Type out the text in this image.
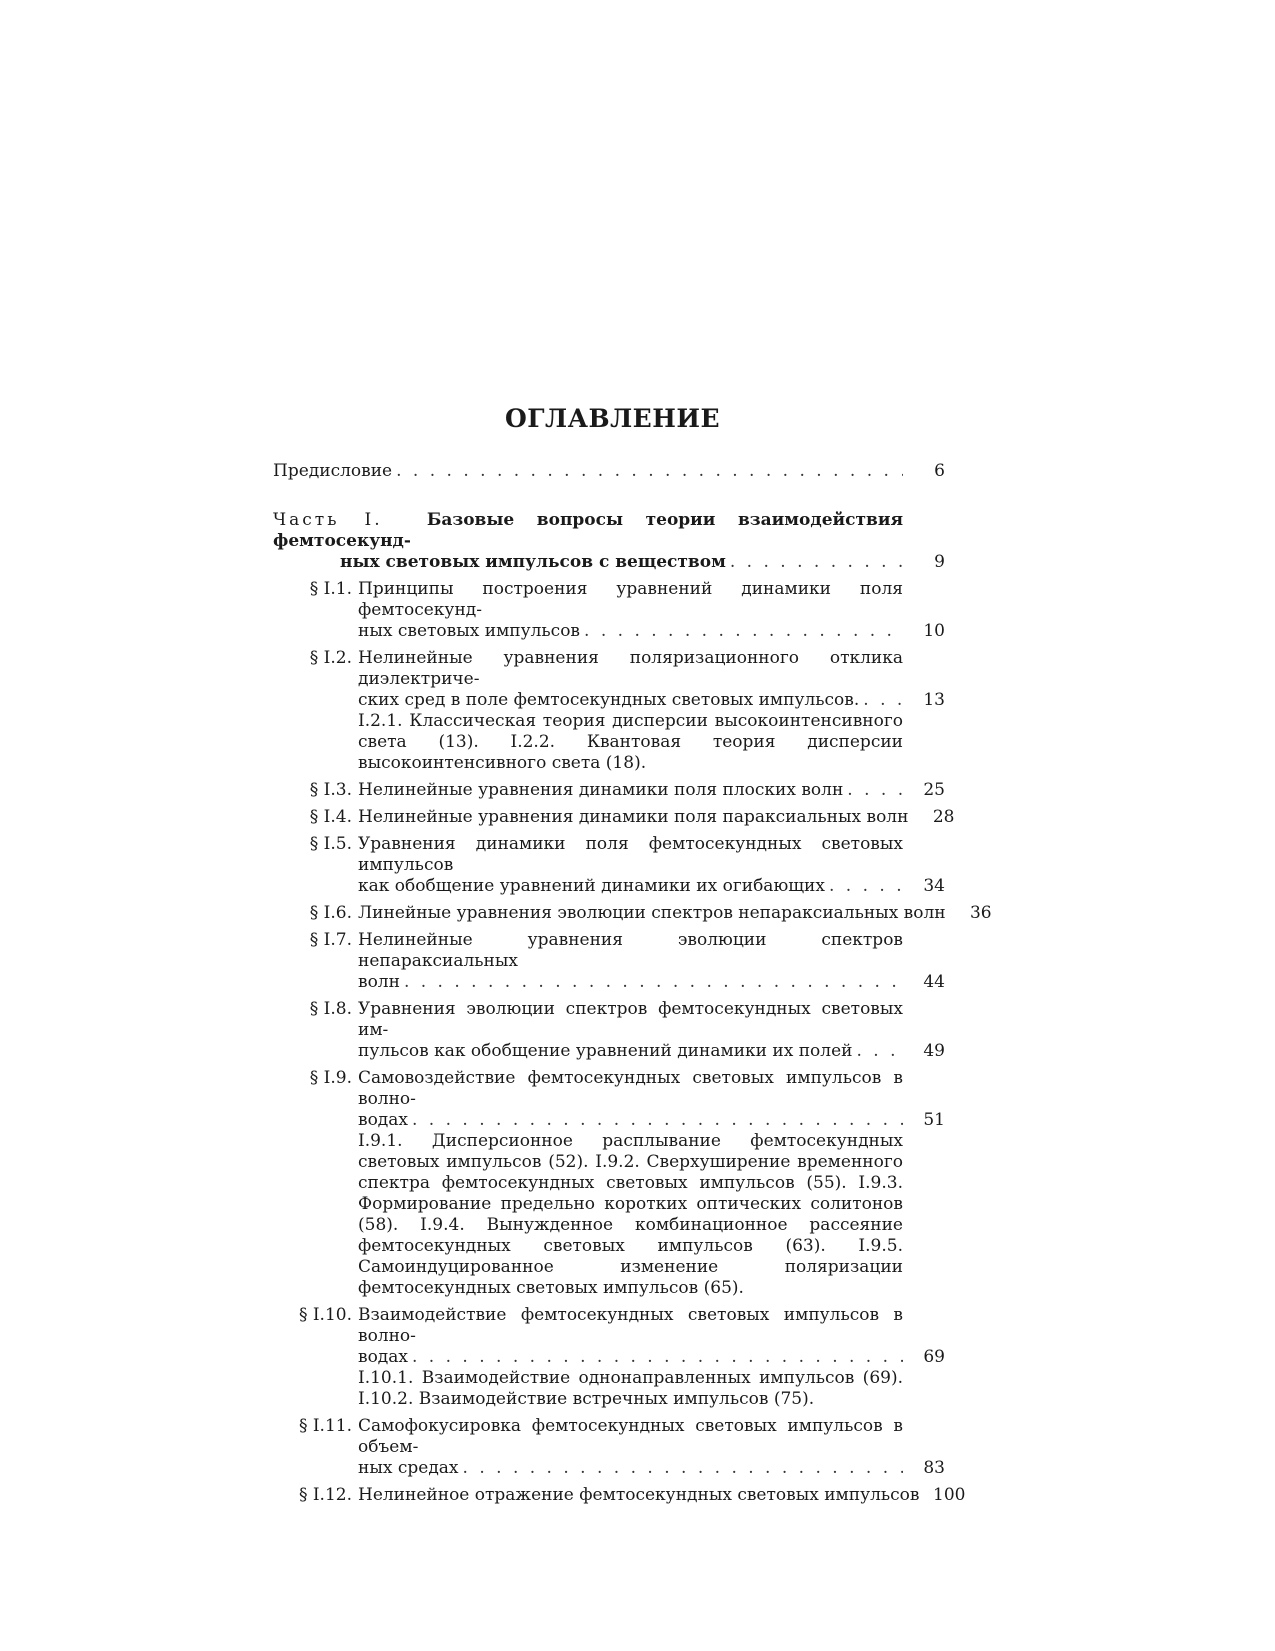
ОГЛАВЛЕНИЕ
Предисловие . . .	6
Часть I.	Базовые вопросы теории взаимодействия фемтосекунд-
ных световых импульсов с веществом . . .	9
§ I.1. Принципы построения уравнений динамики поля фемтосекунд-
ных световых импульсов . . .	10
§ I.2. Нелинейные уравнения поляризационного отклика диэлектриче-
ских сред в поле фемтосекундных световых импульсов. . . .	13
I.2.1. Классическая теория дисперсии высокоинтенсивного света (13). I.2.2. Квантовая теория дисперсии высокоинтенсивного света (18).
§ I.3. Нелинейные уравнения динамики поля плоских волн . . .	25
§ I.4. Нелинейные уравнения динамики поля параксиальных волн	28
§ I.5. Уравнения динамики поля фемтосекундных световых импульсов
как обобщение уравнений динамики их огибающих . . .	34
§ I.6. Линейные уравнения эволюции спектров непараксиальных волн	36
§ I.7. Нелинейные уравнения эволюции спектров непараксиальных
волн . . .	44
§ I.8. Уравнения эволюции спектров фемтосекундных световых им-
пульсов как обобщение уравнений динамики их полей . . .	49
§ I.9. Самовоздействие фемтосекундных световых импульсов в волно-
водах . . .	51
I.9.1. Дисперсионное расплывание фемтосекундных световых импульсов (52). I.9.2. Сверхуширение временного спектра фемтосекундных световых импульсов (55). I.9.3. Формирование предельно коротких оптических солитонов (58). I.9.4. Вынужденное комбинационное рассеяние фемтосекундных световых импульсов (63). I.9.5. Самоиндуцированное изменение поляризации фемтосекундных световых импульсов (65).
§ I.10. Взаимодействие фемтосекундных световых импульсов в волно-
водах . . .	69
I.10.1. Взаимодействие однонаправленных импульсов (69). I.10.2. Взаимодействие встречных импульсов (75).
§ I.11. Самофокусировка фемтосекундных световых импульсов в объем-
ных средах . . .	83
§ I.12. Нелинейное отражение фемтосекундных световых импульсов 100
